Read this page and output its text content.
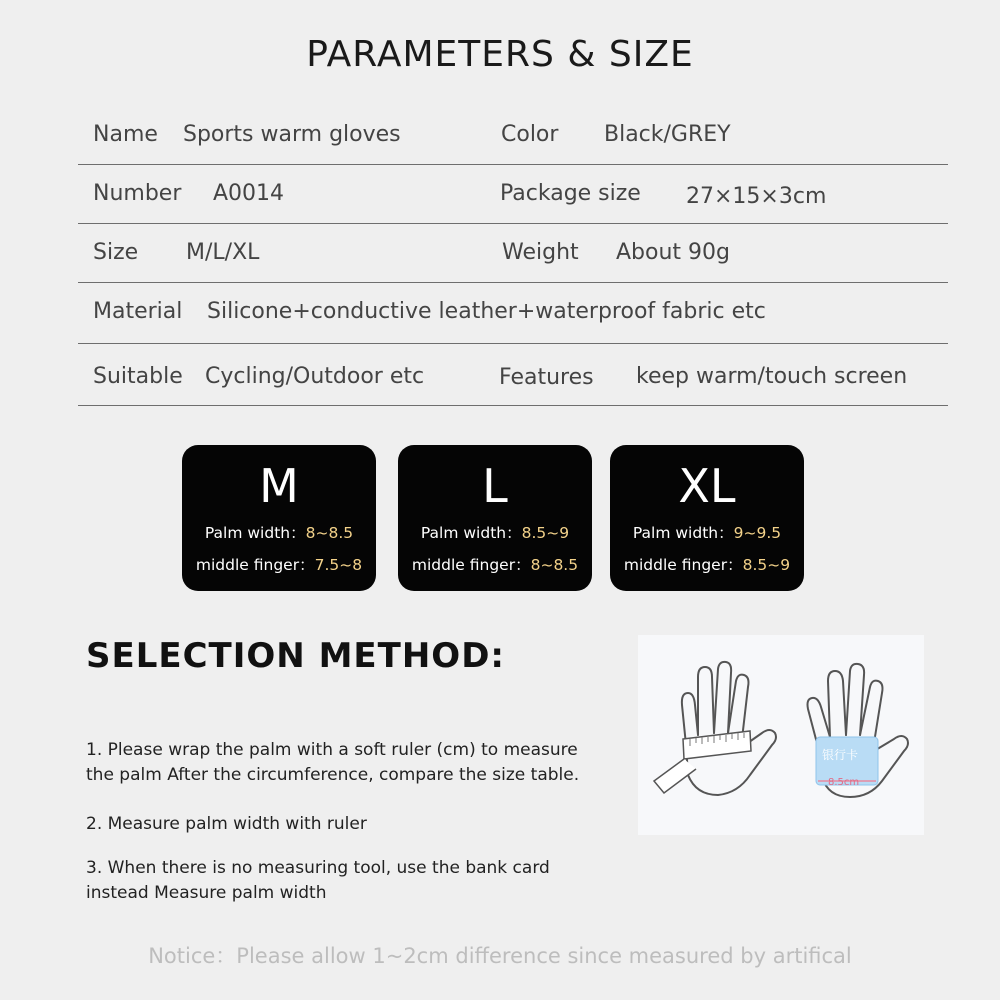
PARAMETERS & SIZE
Name Sports warm gloves	Color Black/GREY
Number A0014	Package size 27×15×3cm
Size M/L/XL	Weight About 90g
Material Silicone+conductive leather+waterproof fabric etc
Suitable Cycling/Outdoor etc	Features keep warm/touch screen
M
Palm width：8~8.5
middle finger：7.5~8
L
Palm width：8.5~9
middle finger：8~8.5
XL
Palm width：9~9.5
middle finger：8.5~9
SELECTION METHOD:
1. Please wrap the palm with a soft ruler (cm) to measure
the palm After the circumference, compare the size table.
2. Measure palm width with ruler
3. When there is no measuring tool, use the bank card
instead Measure palm width
银行卡
8.5cm
Notice：Please allow 1~2cm difference since measured by artifical
